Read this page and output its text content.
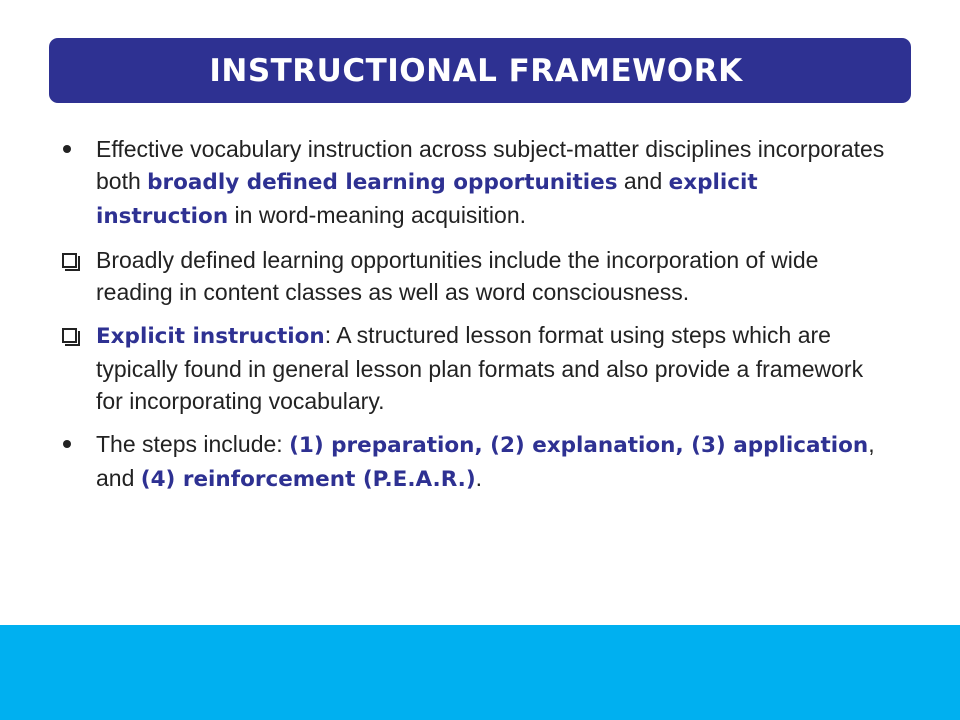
INSTRUCTIONAL FRAMEWORK
Effective vocabulary instruction across subject-matter disciplines incorporates both broadly defined learning opportunities and explicit instruction in word-meaning acquisition.
Broadly defined learning opportunities include the incorporation of wide reading in content classes as well as word consciousness.
Explicit instruction: A structured lesson format using steps which are typically found in general lesson plan formats and also provide a framework for incorporating vocabulary.
The steps include: (1) preparation, (2) explanation, (3) application, and (4) reinforcement (P.E.A.R.).
